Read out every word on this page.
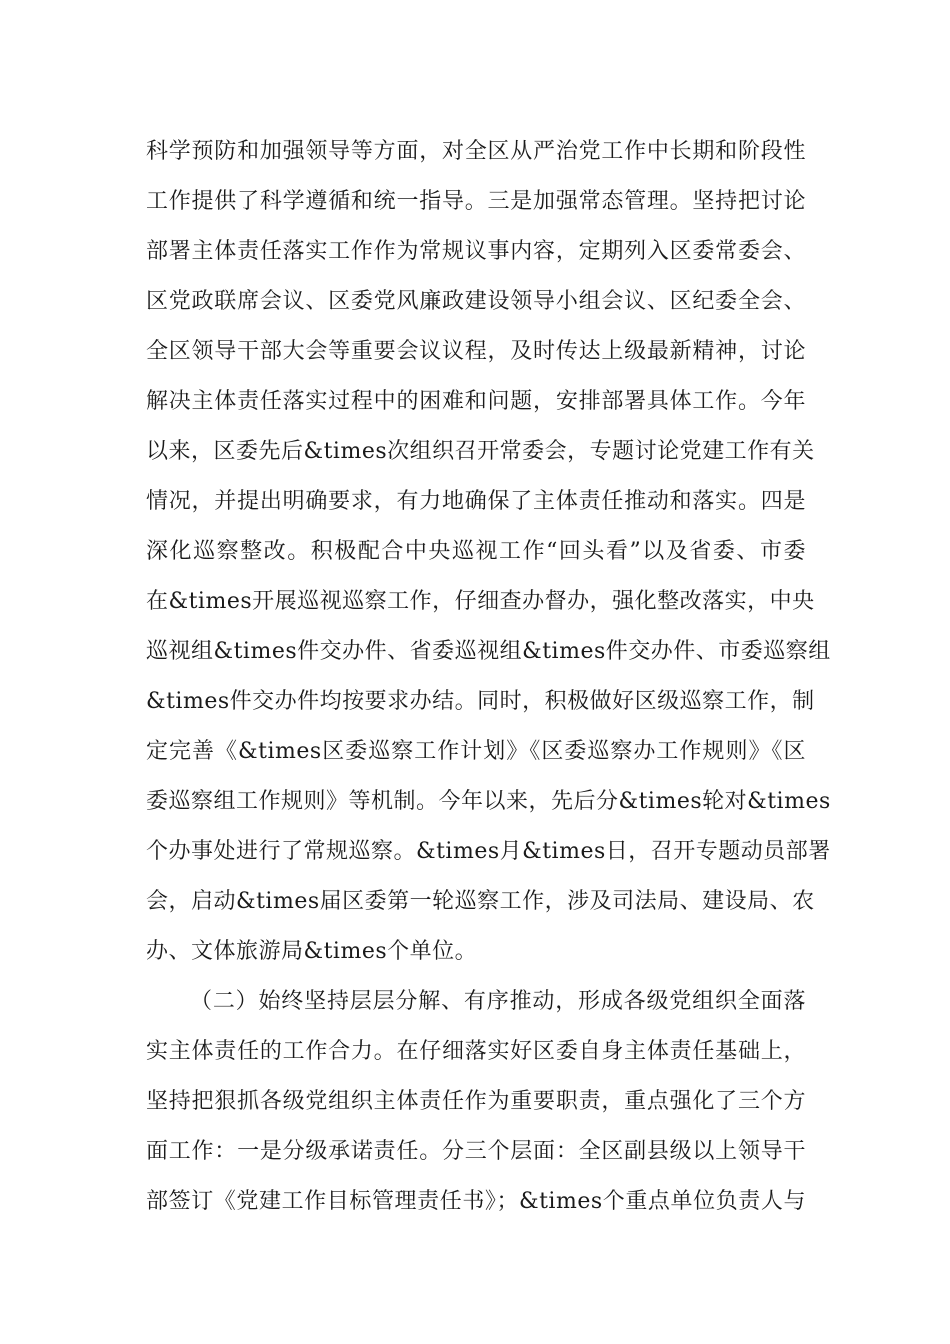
科学预防和加强领导等方面，对全区从严治党工作中长期和阶段性
工作提供了科学遵循和统一指导。三是加强常态管理。坚持把讨论
部署主体责任落实工作作为常规议事内容，定期列入区委常委会、
区党政联席会议、区委党风廉政建设领导小组会议、区纪委全会、
全区领导干部大会等重要会议议程，及时传达上级最新精神，讨论
解决主体责任落实过程中的困难和问题，安排部署具体工作。今年
以来，区委先后&times次组织召开常委会，专题讨论党建工作有关
情况，并提出明确要求，有力地确保了主体责任推动和落实。四是
深化巡察整改。积极配合中央巡视工作“回头看”以及省委、市委
在&times开展巡视巡察工作，仔细查办督办，强化整改落实，中央
巡视组&times件交办件、省委巡视组&times件交办件、市委巡察组
&times件交办件均按要求办结。同时，积极做好区级巡察工作，制
定完善《&times区委巡察工作计划》《区委巡察办工作规则》《区
委巡察组工作规则》等机制。今年以来，先后分&times轮对&times
个办事处进行了常规巡察。&times月&times日，召开专题动员部署
会，启动&times届区委第一轮巡察工作，涉及司法局、建设局、农
办、文体旅游局&times个单位。
（二）始终坚持层层分解、有序推动，形成各级党组织全面落
实主体责任的工作合力。在仔细落实好区委自身主体责任基础上，
坚持把狠抓各级党组织主体责任作为重要职责，重点强化了三个方
面工作：一是分级承诺责任。分三个层面：全区副县级以上领导干
部签订《党建工作目标管理责任书》；&times个重点单位负责人与
